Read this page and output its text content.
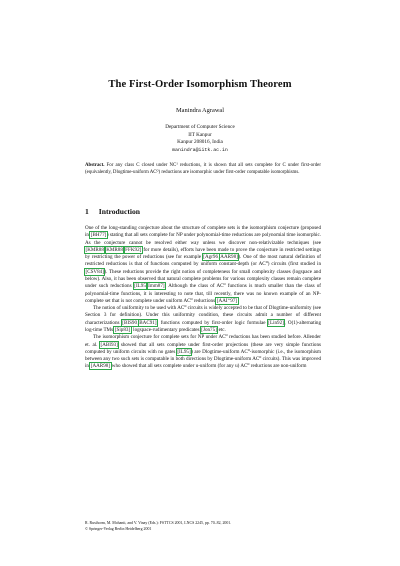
The First-Order Isomorphism Theorem
Manindra Agrawal
Department of Computer Science
IIT Kanpur
Kanpur 208016, India
manindra@iitk.ac.in
Abstract. For any class C closed under NC¹ reductions, it is shown that all sets complete for C under first-order (equivalently, Dlogtime-uniform AC⁰) reductions are isomorphic under first-order computable isomorphisms.
1 Introduction

One of the long-standing conjecture about the structure of complete sets is the isomorphism conjecture (proposed in [BH77]) stating that all sets complete for NP under polynomial-time reductions are polynomial time isomorphic. As the conjecture cannot be resolved either way unless we discover non-relativizable techniques (see [KMR88,KMR88,FFK92] for more details), efforts have been made to prove the conjecture in restricted settings by restricting the power of reductions (see for example [Agr96,AAR98]). One of the most natural definition of restricted reductions is that of functions computed by uniform constant-depth (or AC⁰) circuits (first studied in [CSV84]). These reductions provide the right notion of completeness for small complexity classes (logspace and below). Also, it has been observed that natural complete problems for various complexity classes remain complete under such reductions [IL95,Imm87]. Although the class of AC⁰ functions is much smaller than the class of polynomial-time functions, it is interesting to note that, till recently, there was no known example of an NP-complete set that is not complete under uniform AC⁰ reductions [AAI⁺97].

The notion of uniformity to be used with AC⁰ circuits is widely accepted to be that of Dlogtime-uniformity (see Section 3 for definition). Under this uniformity condition, these circuits admit a number of different characterizations [BIS90,BAC91]: functions computed by first-order logic formulae [Lin92], O(1)-alternating log-time TMs [Sip83], logspace-rudimentary predicates [Jon75] etc.

The isomorphism conjecture for complete sets for NP under AC⁰ reductions has been studied before. Allender et. al. [ABI93] showed that all sets complete under first-order projections (these are very simple functions computed by uniform circuits with no gates [IL95]) are Dlogtime-uniform AC⁰-isomorphic (i.e., the isomorphism between any two such sets is computable in both directions by Dlogtime-uniform AC⁰ circuits). This was improved in [AAR98] who showed that all sets complete under u-uniform (for any u) AC⁰ reductions are non-uniform

R. Rusthorm, M. Mohanti, and V. Vinay (Eds.): FSTTCS 2001, LNCS 2245, pp. 70–82, 2001.
© Springer-Verlag Berlin Heidelberg 2001
